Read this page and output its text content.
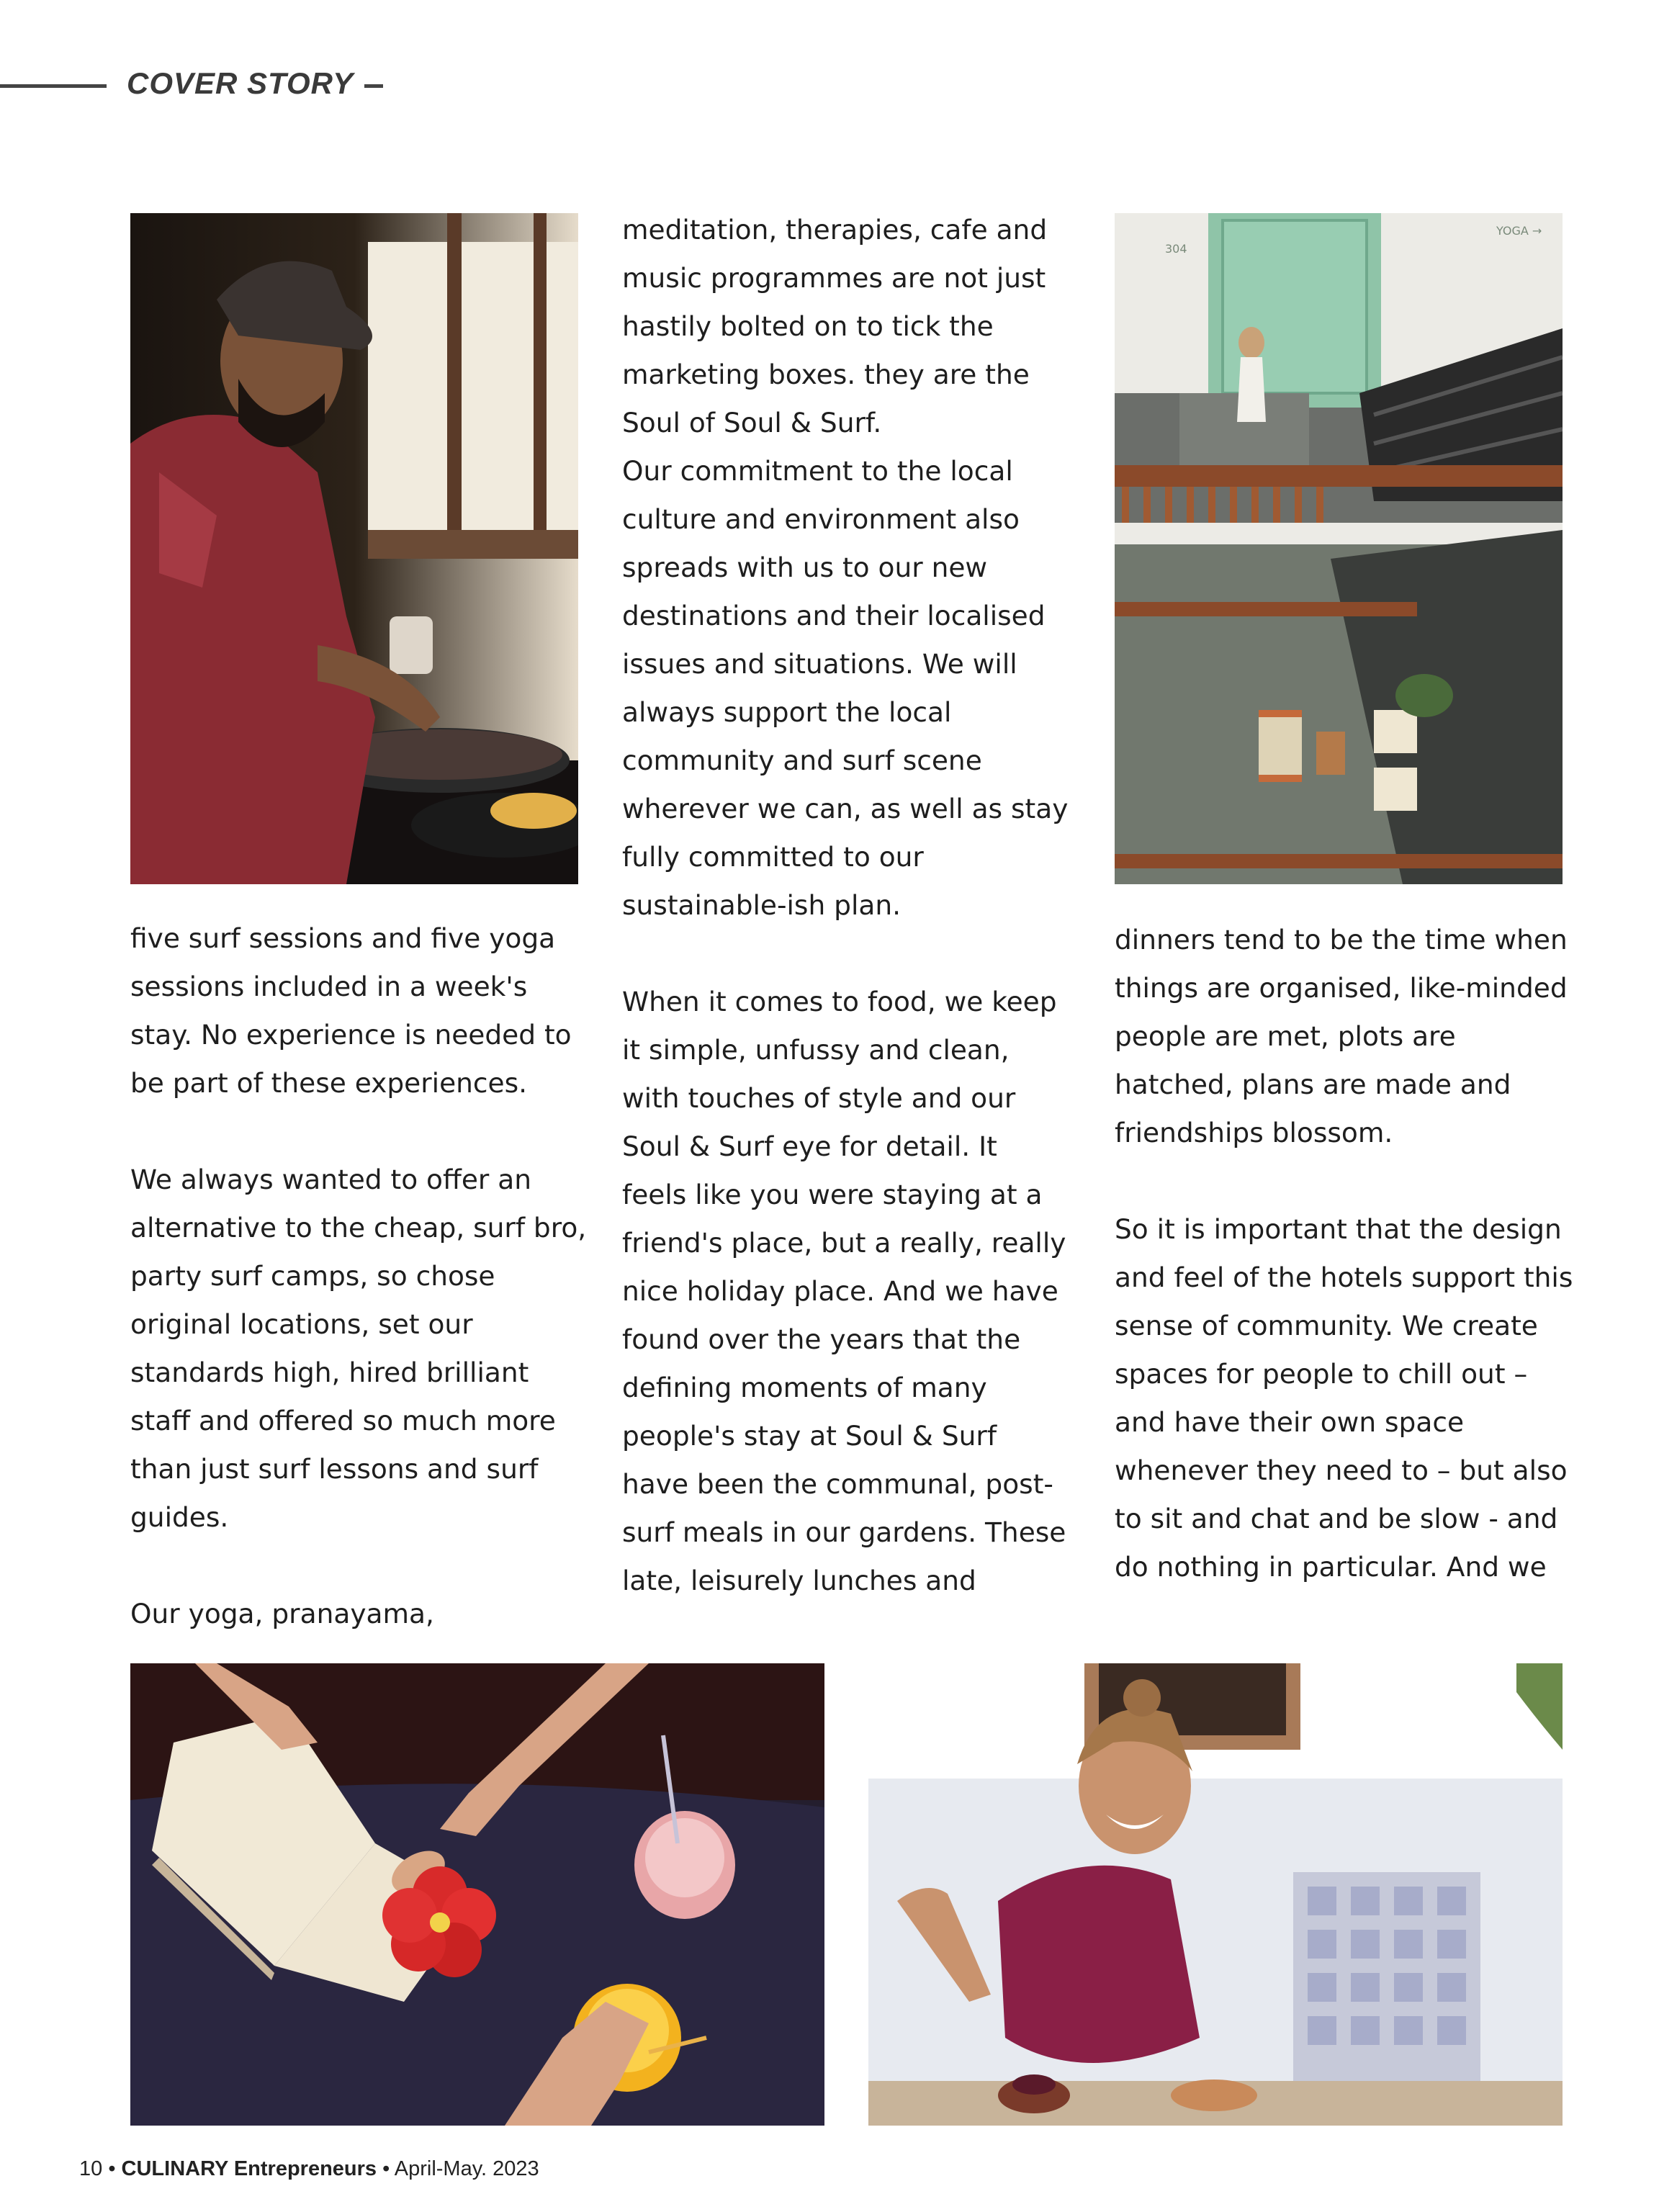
COVER STORY
304
YOGA →

five surf sessions and five yoga sessions included in a week's stay. No experience is needed to be part of these experiences.

We always wanted to offer an alternative to the cheap, surf bro, party surf camps, so chose original locations, set our standards high, hired brilliant staff and offered so much more than just surf lessons and surf guides.

Our yoga, pranayama,

meditation, therapies, cafe and music programmes are not just hastily bolted on to tick the marketing boxes. they are the Soul of Soul & Surf.

Our commitment to the local culture and environment also spreads with us to our new destinations and their localised issues and situations. We will always support the local community and surf scene wherever we can, as well as stay fully committed to our sustainable-ish plan.

When it comes to food, we keep it simple, unfussy and clean, with touches of style and our Soul & Surf eye for detail. It feels like you were staying at a friend's place, but a really, really nice holiday place. And we have found over the years that the defining moments of many people's stay at Soul & Surf have been the communal, post-surf meals in our gardens. These late, leisurely lunches and

dinners tend to be the time when things are organised, like-minded people are met, plots are hatched, plans are made and friendships blossom.

So it is important that the design and feel of the hotels support this sense of community. We create spaces for people to chill out – and have their own space whenever they need to – but also to sit and chat and be slow - and do nothing in particular. And we

10 • CULINARY Entrepreneurs • April-May. 2023
